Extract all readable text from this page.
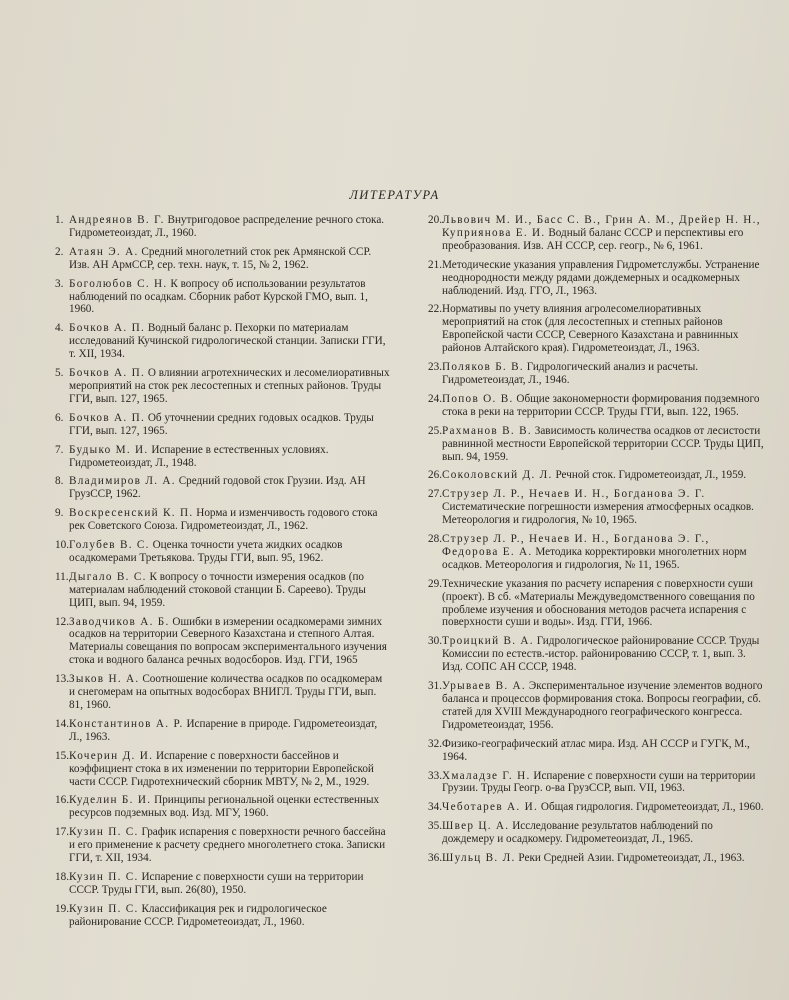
ЛИТЕРАТУРА
1. Андреянов В. Г. Внутригодовое распределение речного стока. Гидрометеоиздат, Л., 1960.
2. Атаян Э. А. Средний многолетний сток рек Армянской ССР. Изв. АН АрмССР, сер. техн. наук, т. 15, № 2, 1962.
3. Боголюбов С. Н. К вопросу об использовании результатов наблюдений по осадкам. Сборник работ Курской ГМО, вып. 1, 1960.
4. Бочков А. П. Водный баланс р. Пехорки по материалам исследований Кучинской гидрологической станции. Записки ГГИ, т. XII, 1934.
5. Бочков А. П. О влиянии агротехнических и лесомелиоративных мероприятий на сток рек лесостепных и степных районов. Труды ГГИ, вып. 127, 1965.
6. Бочков А. П. Об уточнении средних годовых осадков. Труды ГГИ, вып. 127, 1965.
7. Будыко М. И. Испарение в естественных условиях. Гидрометеоиздат, Л., 1948.
8. Владимиров Л. А. Средний годовой сток Грузии. Изд. АН ГрузССР, 1962.
9. Воскресенский К. П. Норма и изменчивость годового стока рек Советского Союза. Гидрометеоиздат, Л., 1962.
10.Голубев В. С. Оценка точности учета жидких осадков осадкомерами Третьякова. Труды ГГИ, вып. 95, 1962.
11.Дыгало В. С. К вопросу о точности измерения осадков (по материалам наблюдений стоковой станции Б. Сареево). Труды ЦИП, вып. 94, 1959.
12.Заводчиков А. Б. Ошибки в измерении осадкомерами зимних осадков на территории Северного Казахстана и степного Алтая. Материалы совещания по вопросам экспериментального изучения стока и водного баланса речных водосборов. Изд. ГГИ, 1965
13.Зыков Н. А. Соотношение количества осадков по осадкомерам и снегомерам на опытных водосборах ВНИГЛ. Труды ГГИ, вып. 81, 1960.
14.Константинов А. Р. Испарение в природе. Гидрометеоиздат, Л., 1963.
15.Кочерин Д. И. Испарение с поверхности бассейнов и коэффициент стока в их изменении по территории Европейской части СССР. Гидротехнический сборник МВТУ, № 2, М., 1929.
16.Куделин Б. И. Принципы региональной оценки естественных ресурсов подземных вод. Изд. МГУ, 1960.
17.Кузин П. С. График испарения с поверхности речного бассейна и его применение к расчету среднего многолетнего стока. Записки ГГИ, т. XII, 1934.
18.Кузин П. С. Испарение с поверхности суши на территории СССР. Труды ГГИ, вып. 26(80), 1950.
19.Кузин П. С. Классификация рек и гидрологическое районирование СССР. Гидрометеоиздат, Л., 1960.
20.Львович М. И., Басс С. В., Грин А. М., Дрейер Н. Н., Куприянова Е. И. Водный баланс СССР и перспективы его преобразования. Изв. АН СССР, сер. геогр., № 6, 1961.
21.Методические указания управления Гидрометслужбы. Устранение неоднородности между рядами дождемерных и осадкомерных наблюдений. Изд. ГГО, Л., 1963.
22.Нормативы по учету влияния агролесомелиоративных мероприятий на сток (для лесостепных и степных районов Европейской части СССР, Северного Казахстана и равнинных районов Алтайского края). Гидрометеоиздат, Л., 1963.
23.Поляков Б. В. Гидрологический анализ и расчеты. Гидрометеоиздат, Л., 1946.
24.Попов О. В. Общие закономерности формирования подземного стока в реки на территории СССР. Труды ГГИ, вып. 122, 1965.
25.Рахманов В. В. Зависимость количества осадков от лесистости равнинной местности Европейской территории СССР. Труды ЦИП, вып. 94, 1959.
26.Соколовский Д. Л. Речной сток. Гидрометеоиздат, Л., 1959.
27.Струзер Л. Р., Нечаев И. Н., Богданова Э. Г. Систематические погрешности измерения атмосферных осадков. Метеорология и гидрология, № 10, 1965.
28.Струзер Л. Р., Нечаев И. Н., Богданова Э. Г., Федорова Е. А. Методика корректировки многолетних норм осадков. Метеорология и гидрология, № 11, 1965.
29.Технические указания по расчету испарения с поверхности суши (проект). В сб. «Материалы Междуведомственного совещания по проблеме изучения и обоснования методов расчета испарения с поверхности суши и воды». Изд. ГГИ, 1966.
30.Троицкий В. А. Гидрологическое районирование СССР. Труды Комиссии по естеств.-истор. районированию СССР, т. 1, вып. 3. Изд. СОПС АН СССР, 1948.
31.Урываев В. А. Экспериментальное изучение элементов водного баланса и процессов формирования стока. Вопросы географии, сб. статей для XVIII Международного географического конгресса. Гидрометеоиздат, 1956.
32.Физико-географический атлас мира. Изд. АН СССР и ГУГК, М., 1964.
33.Хмаладзе Г. Н. Испарение с поверхности суши на территории Грузии. Труды Геогр. о-ва ГрузССР, вып. VII, 1963.
34.Чеботарев А. И. Общая гидрология. Гидрометеоиздат, Л., 1960.
35.Швер Ц. А. Исследование результатов наблюдений по дождемеру и осадкомеру. Гидрометеоиздат, Л., 1965.
36.Шульц В. Л. Реки Средней Азии. Гидрометеоиздат, Л., 1963.
